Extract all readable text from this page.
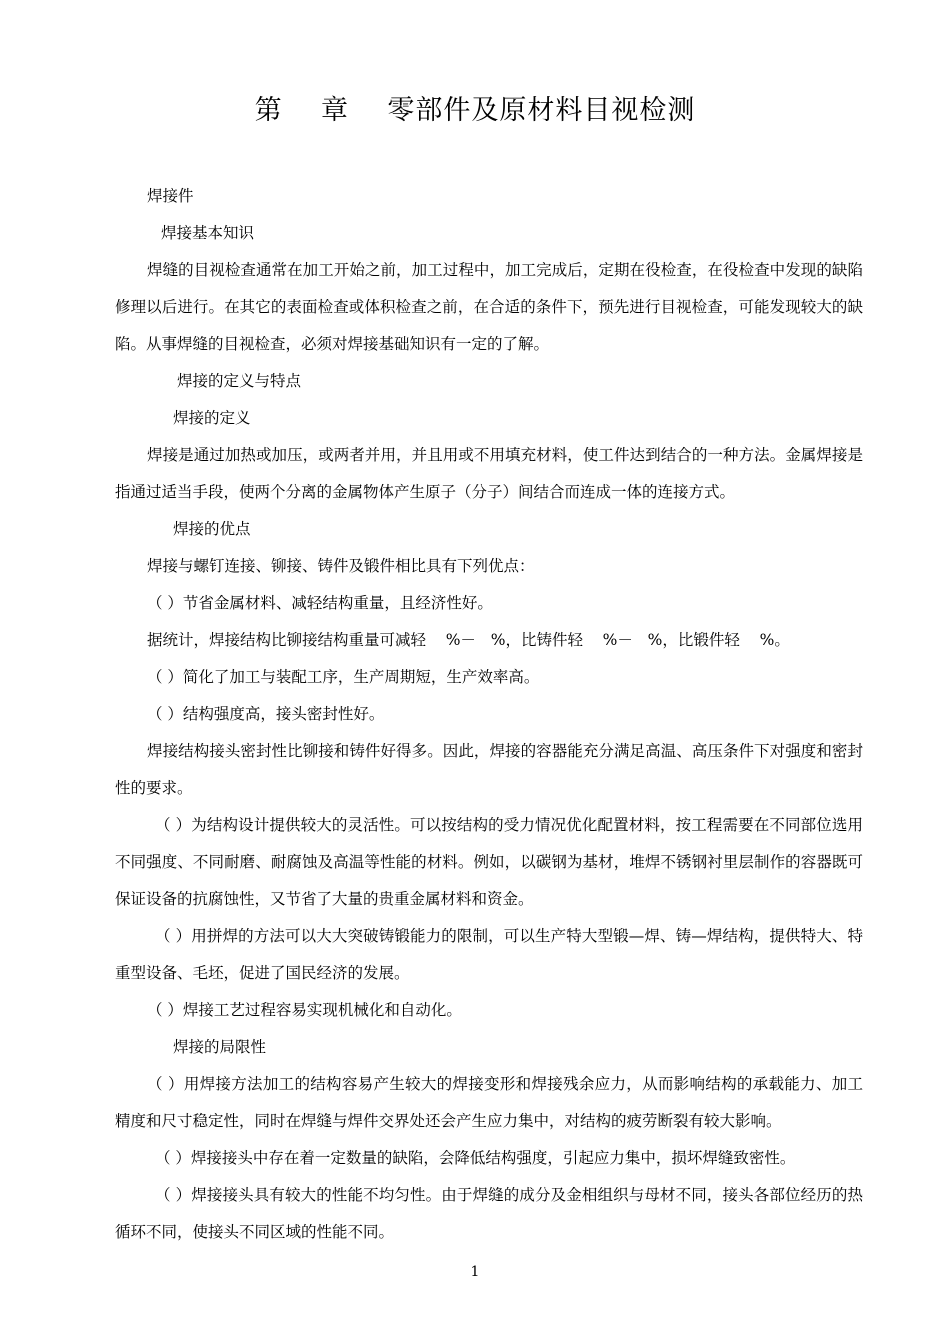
第    章    零部件及原材料目视检测

焊接件

焊接基本知识

焊缝的目视检查通常在加工开始之前，加工过程中，加工完成后，定期在役检查，在役检查中发现的缺陷修理以后进行。在其它的表面检查或体积检查之前，在合适的条件下，预先进行目视检查，可能发现较大的缺陷。从事焊缝的目视检查，必须对焊接基础知识有一定的了解。

焊接的定义与特点

焊接的定义

焊接是通过加热或加压，或两者并用，并且用或不用填充材料，使工件达到结合的一种方法。金属焊接是指通过适当手段，使两个分离的金属物体产生原子（分子）间结合而连成一体的连接方式。

焊接的优点

焊接与螺钉连接、铆接、铸件及锻件相比具有下列优点：

（ ）节省金属材料、减轻结构重量，且经济性好。

据统计，焊接结构比铆接结构重量可减轻    %－   %，比铸件轻    %－   %，比锻件轻    %。

（ ）简化了加工与装配工序，生产周期短，生产效率高。

（ ）结构强度高，接头密封性好。

焊接结构接头密封性比铆接和铸件好得多。因此，焊接的容器能充分满足高温、高压条件下对强度和密封性的要求。

（ ）为结构设计提供较大的灵活性。可以按结构的受力情况优化配置材料，按工程需要在不同部位选用不同强度、不同耐磨、耐腐蚀及高温等性能的材料。例如，以碳钢为基材，堆焊不锈钢衬里层制作的容器既可保证设备的抗腐蚀性，又节省了大量的贵重金属材料和资金。

（ ）用拼焊的方法可以大大突破铸锻能力的限制，可以生产特大型锻—焊、铸—焊结构，提供特大、特重型设备、毛坯，促进了国民经济的发展。

（ ）焊接工艺过程容易实现机械化和自动化。

焊接的局限性

（ ）用焊接方法加工的结构容易产生较大的焊接变形和焊接残余应力，从而影响结构的承载能力、加工精度和尺寸稳定性，同时在焊缝与焊件交界处还会产生应力集中，对结构的疲劳断裂有较大影响。

（ ）焊接接头中存在着一定数量的缺陷，会降低结构强度，引起应力集中，损坏焊缝致密性。

（ ）焊接接头具有较大的性能不均匀性。由于焊缝的成分及金相组织与母材不同，接头各部位经历的热循环不同，使接头不同区域的性能不同。

1
